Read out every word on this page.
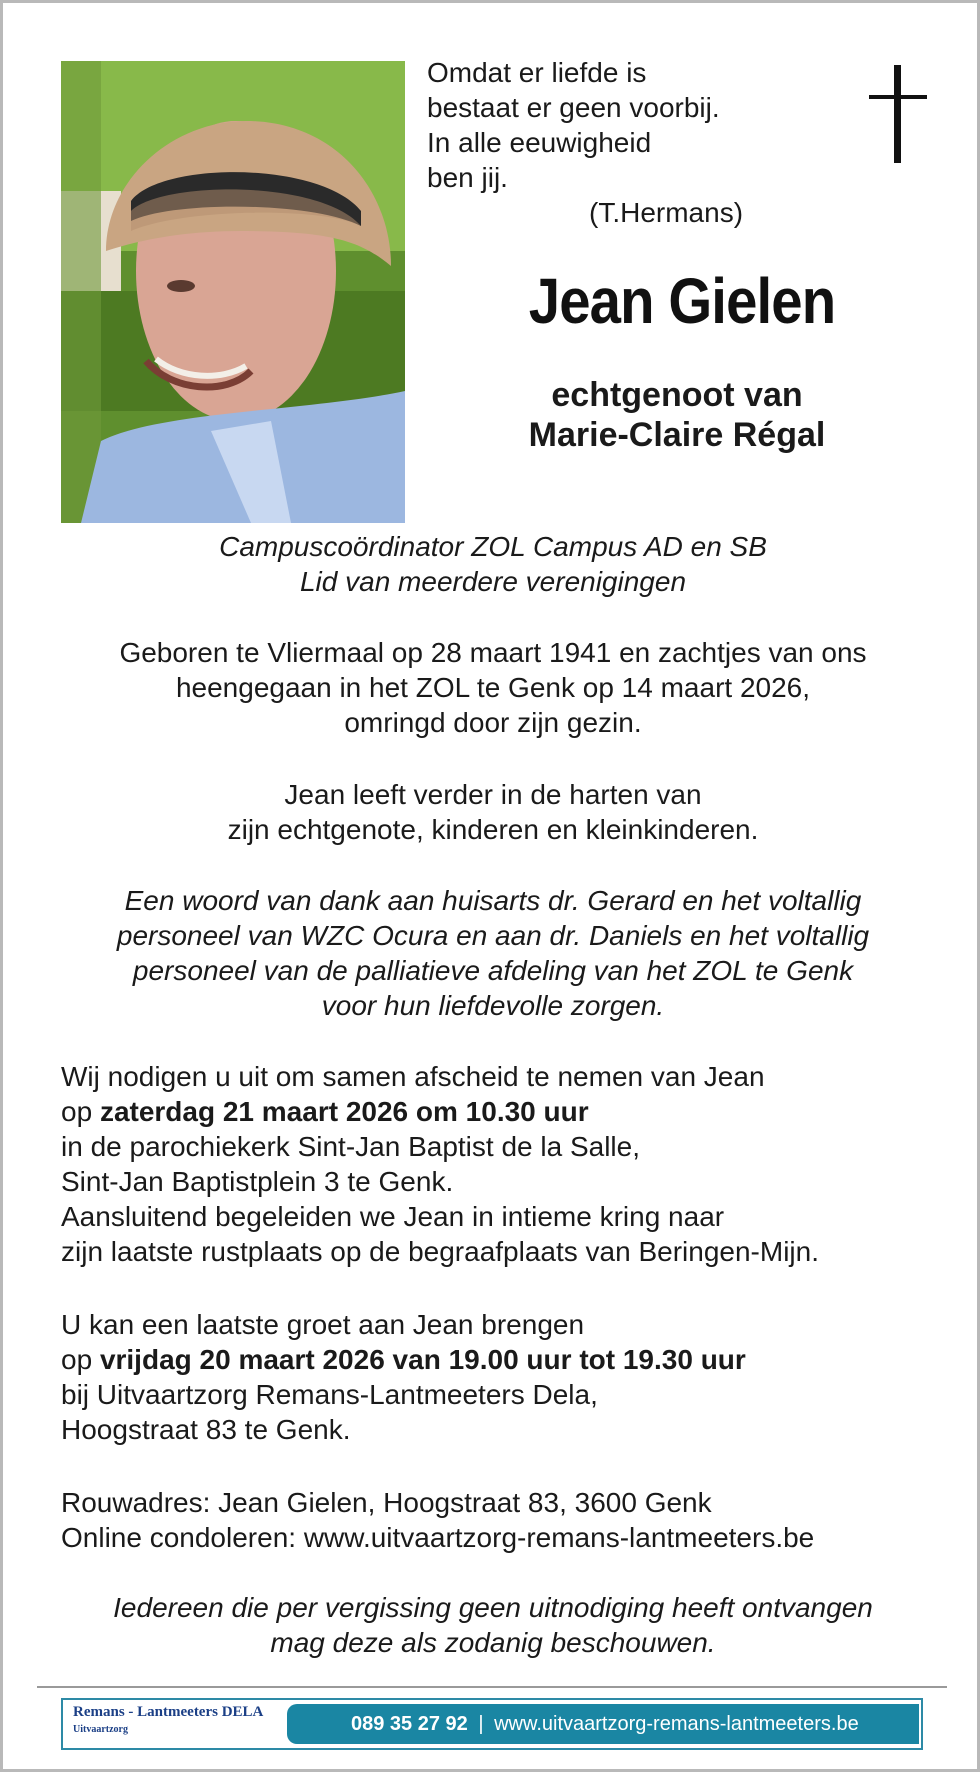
Omdat er liefde is
bestaat er geen voorbij.
In alle eeuwigheid
ben jij.
(T.Hermans)
Jean Gielen
echtgenoot van
Marie-Claire Régal
Campuscoördinator ZOL Campus AD en SB
Lid van meerdere verenigingen
Geboren te Vliermaal op 28 maart 1941 en zachtjes van ons
heengegaan in het ZOL te Genk op 14 maart 2026,
omringd door zijn gezin.
Jean leeft verder in de harten van
zijn echtgenote, kinderen en kleinkinderen.
Een woord van dank aan huisarts dr. Gerard en het voltallig
personeel van WZC Ocura en aan dr. Daniels en het voltallig
personeel van de palliatieve afdeling van het ZOL te Genk
voor hun liefdevolle zorgen.
Wij nodigen u uit om samen afscheid te nemen van Jean
op zaterdag 21 maart 2026 om 10.30 uur
in de parochiekerk Sint-Jan Baptist de la Salle,
Sint-Jan Baptistplein 3 te Genk.
Aansluitend begeleiden we Jean in intieme kring naar
zijn laatste rustplaats op de begraafplaats van Beringen-Mijn.
U kan een laatste groet aan Jean brengen
op vrijdag 20 maart 2026 van 19.00 uur tot 19.30 uur
bij Uitvaartzorg Remans-Lantmeeters Dela,
Hoogstraat 83 te Genk.
Rouwadres: Jean Gielen, Hoogstraat 83, 3600 Genk
Online condoleren: www.uitvaartzorg-remans-lantmeeters.be
Iedereen die per vergissing geen uitnodiging heeft ontvangen
mag deze als zodanig beschouwen.
Remans - Lantmeeters DELA
Uitvaartzorg	089 35 27 92 | www.uitvaartzorg-remans-lantmeeters.be
